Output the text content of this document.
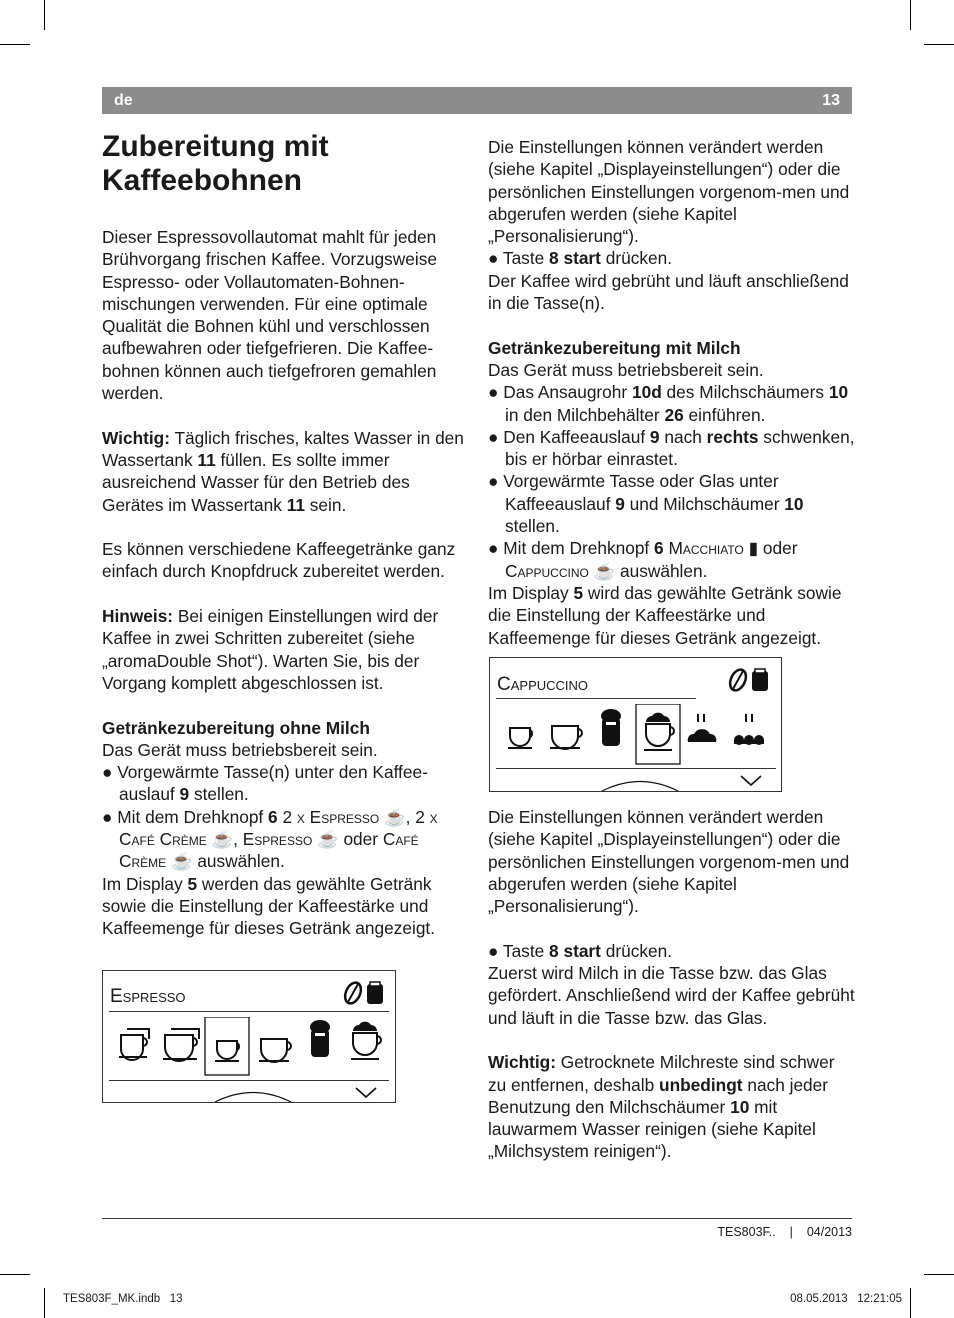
de	13
Zubereitung mit Kaffeebohnen

Dieser Espressovollautomat mahlt für jeden Brühvorgang frischen Kaffee. Vorzugsweise Espresso- oder Vollautomaten-Bohnen-mischungen verwenden. Für eine optimale Qualität die Bohnen kühl und verschlossen aufbewahren oder tiefgefrieren. Die Kaffee-bohnen können auch tiefgefroren gemahlen werden.

Wichtig: Täglich frisches, kaltes Wasser in den Wassertank 11 füllen. Es sollte immer ausreichend Wasser für den Betrieb des Gerätes im Wassertank 11 sein.

Es können verschiedene Kaffeegetränke ganz einfach durch Knopfdruck zubereitet werden.

Hinweis: Bei einigen Einstellungen wird der Kaffee in zwei Schritten zubereitet (siehe „aromaDouble Shot“). Warten Sie, bis der Vorgang komplett abgeschlossen ist.

Getränkezubereitung ohne Milch

Das Gerät muss betriebsbereit sein.

● Vorgewärmte Tasse(n) unter den Kaffee-auslauf 9 stellen.

● Mit dem Drehknopf 6 2 x Espresso ☕, 2 x Café Crème ☕, Espresso ☕ oder Café Crème ☕ auswählen.

Im Display 5 werden das gewählte Getränk sowie die Einstellung der Kaffeestärke und Kaffeemenge für dieses Getränk angezeigt.

Espresso

Die Einstellungen können verändert werden (siehe Kapitel „Displayeinstellungen“) oder die persönlichen Einstellungen vorgenom-men und abgerufen werden (siehe Kapitel „Personalisierung“).

● Taste 8 start drücken.

Der Kaffee wird gebrüht und läuft anschließend in die Tasse(n).

Getränkezubereitung mit Milch

Das Gerät muss betriebsbereit sein.

● Das Ansaugrohr 10d des Milchschäumers 10 in den Milchbehälter 26 einführen.

● Den Kaffeeauslauf 9 nach rechts schwenken, bis er hörbar einrastet.

● Vorgewärmte Tasse oder Glas unter Kaffeeauslauf 9 und Milchschäumer 10 stellen.

● Mit dem Drehknopf 6 Macchiato ▮ oder Cappuccino ☕ auswählen.

Im Display 5 wird das gewählte Getränk sowie die Einstellung der Kaffeestärke und Kaffeemenge für dieses Getränk angezeigt.

Cappuccino

Die Einstellungen können verändert werden (siehe Kapitel „Displayeinstellungen“) oder die persönlichen Einstellungen vorgenom-men und abgerufen werden (siehe Kapitel „Personalisierung“).

● Taste 8 start drücken.

Zuerst wird Milch in die Tasse bzw. das Glas gefördert. Anschließend wird der Kaffee gebrüht und läuft in die Tasse bzw. das Glas.

Wichtig: Getrocknete Milchreste sind schwer zu entfernen, deshalb unbedingt nach jeder Benutzung den Milchschäumer 10 mit lauwarmem Wasser reinigen (siehe Kapitel „Milchsystem reinigen“).

TES803F.. | 04/2013
TES803F_MK.indb   13	08.05.2013   12:21:05
